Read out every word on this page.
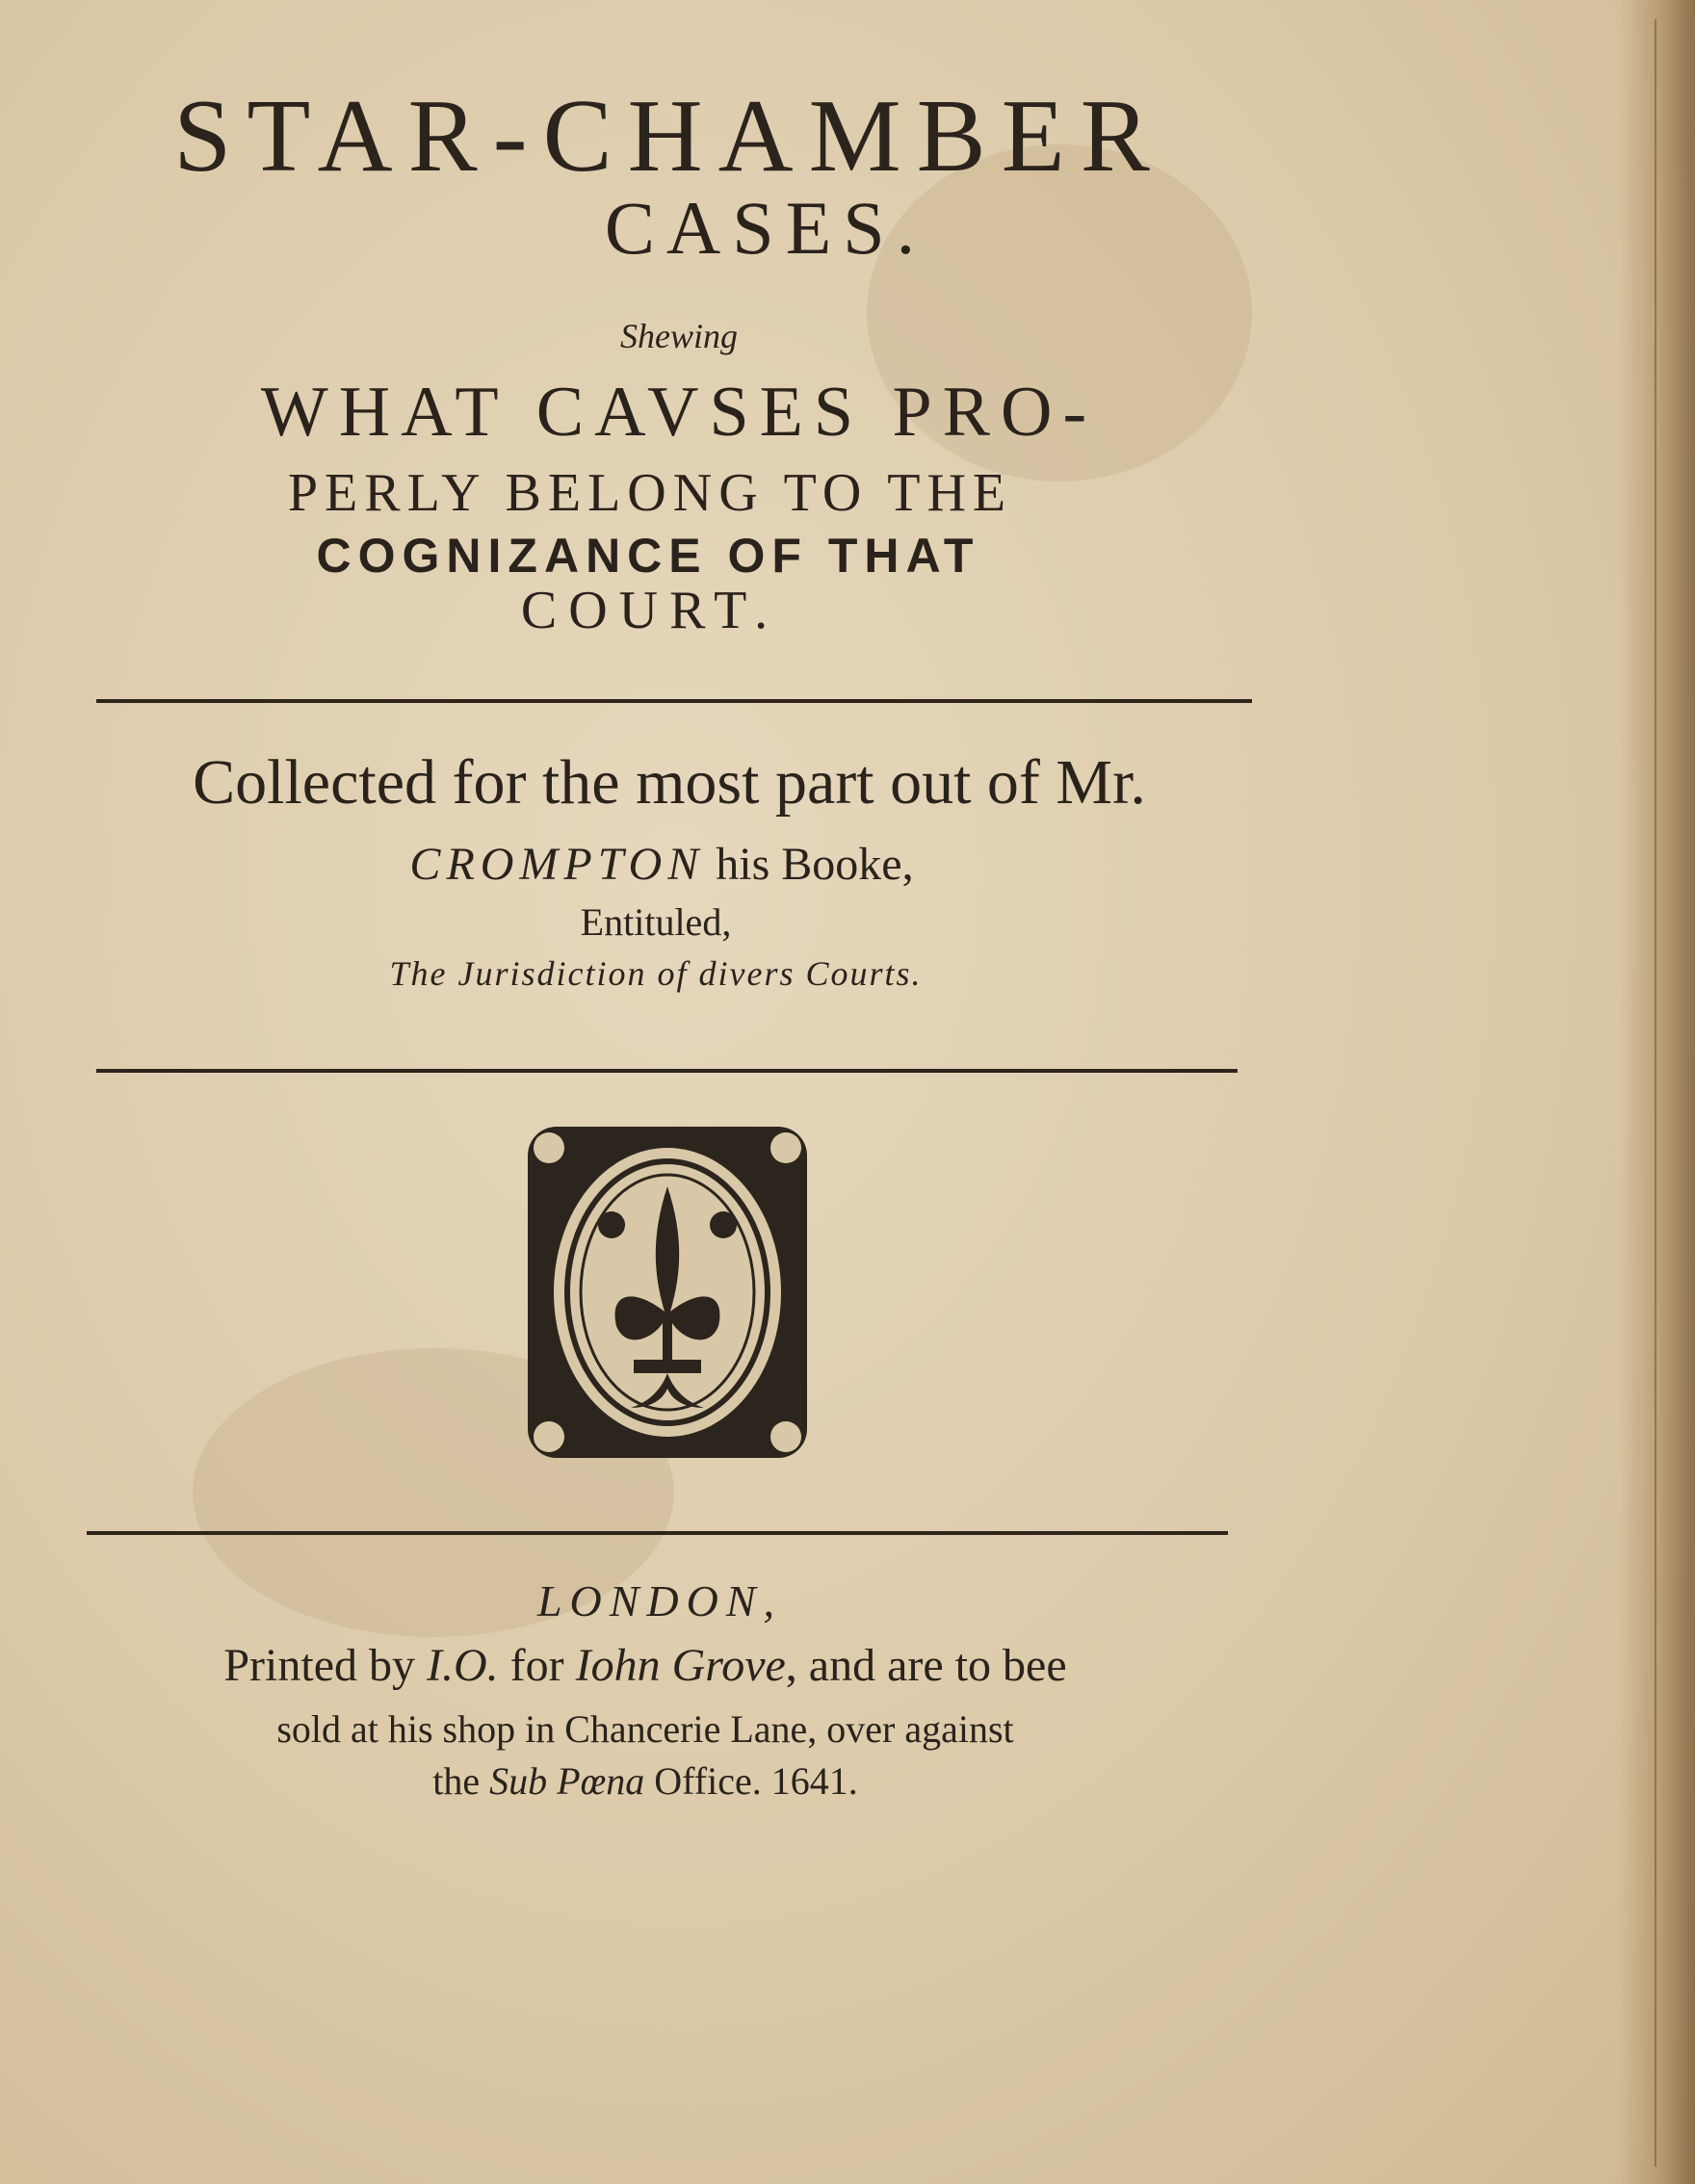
STAR-CHAMBER
CASES.
Shewing
WHAT CAVSES PRO-
PERLY BELONG TO THE
COGNIZANCE OF THAT
COURT.
Collected for the most part out of Mr.
CROMPTON his Booke,
Entituled,
The Jurisdiction of divers Courts.
LONDON,
Printed by I.O. for Iohn Grove, and are to bee
sold at his shop in Chancerie Lane, over against
the Sub Pœna Office. 1641.
